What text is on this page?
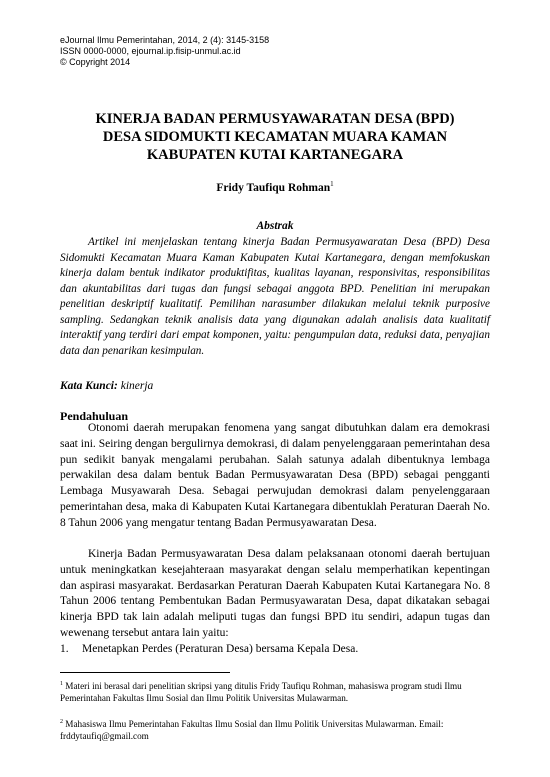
eJournal Ilmu Pemerintahan, 2014, 2 (4): 3145-3158
ISSN 0000-0000, ejournal.ip.fisip-unmul.ac.id
© Copyright 2014
KINERJA BADAN PERMUSYAWARATAN DESA (BPD)
DESA SIDOMUKTI KECAMATAN MUARA KAMAN
KABUPATEN KUTAI KARTANEGARA
Fridy Taufiqu Rohman$^1$
Abstrak

Artikel ini menjelaskan tentang kinerja Badan Permusyawaratan Desa (BPD) Desa Sidomukti Kecamatan Muara Kaman Kabupaten Kutai Kartanegara, dengan memfokuskan kinerja dalam bentuk indikator produktifitas, kualitas layanan, responsivitas, responsibilitas dan akuntabilitas dari tugas dan fungsi sebagai anggota BPD. Penelitian ini merupakan penelitian deskriptif kualitatif. Pemilihan narasumber dilakukan melalui teknik purposive sampling. Sedangkan teknik analisis data yang digunakan adalah analisis data kualitatif interaktif yang terdiri dari empat komponen, yaitu: pengumpulan data, reduksi data, penyajian data dan penarikan kesimpulan.

Kata Kunci: kinerja
Pendahuluan

Otonomi daerah merupakan fenomena yang sangat dibutuhkan dalam era demokrasi saat ini. Seiring dengan bergulirnya demokrasi, di dalam penyelenggaraan pemerintahan desa pun sedikit banyak mengalami perubahan. Salah satunya adalah dibentuknya lembaga perwakilan desa dalam bentuk Badan Permusyawaratan Desa (BPD) sebagai pengganti Lembaga Musyawarah Desa. Sebagai perwujudan demokrasi dalam penyelenggaraan pemerintahan desa, maka di Kabupaten Kutai Kartanegara dibentuklah Peraturan Daerah No. 8 Tahun 2006 yang mengatur tentang Badan Permusyawaratan Desa.

Kinerja Badan Permusyawaratan Desa dalam pelaksanaan otonomi daerah bertujuan untuk meningkatkan kesejahteraan masyarakat dengan selalu memperhatikan kepentingan dan aspirasi masyarakat. Berdasarkan Peraturan Daerah Kabupaten Kutai Kartanegara No. 8 Tahun 2006 tentang Pembentukan Badan Permusyawaratan Desa, dapat dikatakan sebagai kinerja BPD tak lain adalah meliputi tugas dan fungsi BPD itu sendiri, adapun tugas dan wewenang tersebut antara lain yaitu:

1. Menetapkan Perdes (Peraturan Desa) bersama Kepala Desa.

$^1$ Materi ini berasal dari penelitian skripsi yang ditulis Fridy Taufiqu Rohman, mahasiswa program studi Ilmu Pemerintahan Fakultas Ilmu Sosial dan Ilmu Politik Universitas Mulawarman.

$^2$ Mahasiswa Ilmu Pemerintahan Fakultas Ilmu Sosial dan Ilmu Politik Universitas Mulawarman. Email: frddytaufiq@gmail.com
